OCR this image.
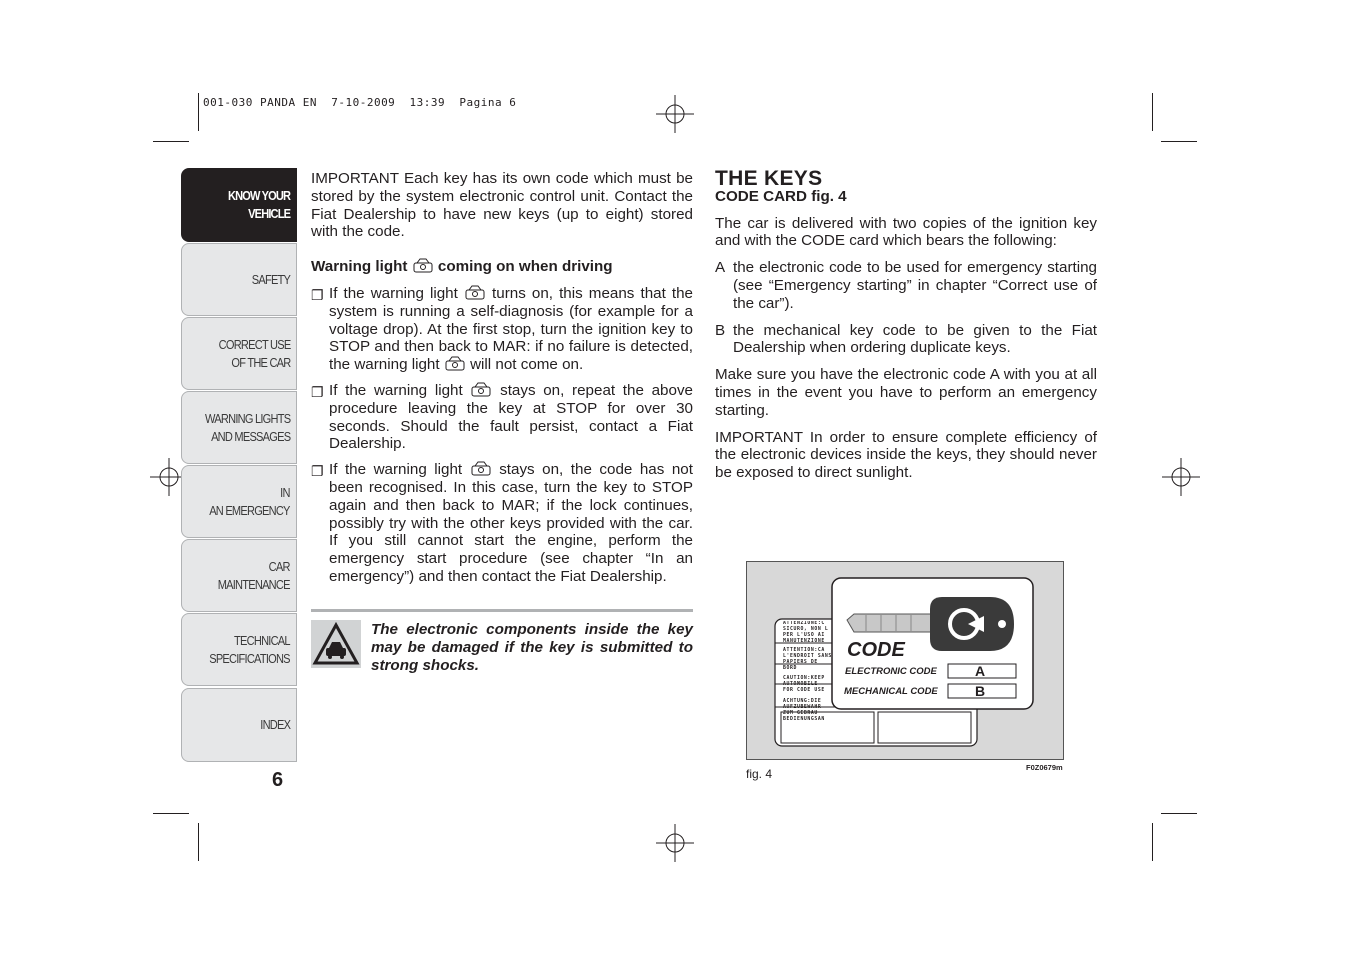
001-030 PANDA EN  7-10-2009  13:39  Pagina 6
KNOW YOUR
VEHICLE
SAFETY
CORRECT USE
OF THE CAR
WARNING LIGHTS
AND MESSAGES
IN
AN EMERGENCY
CAR
MAINTENANCE
TECHNICAL
SPECIFICATIONS
INDEX
6

IMPORTANT Each key has its own code which must be stored by the system electronic control unit. Contact the Fiat Dealership to have new keys (up to eight) stored with the code.

Warning light coming on when driving

❐ If the warning light turns on, this means that the system is running a self-diagnosis (for example for a voltage drop). At the first stop, turn the ignition key to STOP and then back to MAR: if no failure is detected, the warning light will not come on.

❐ If the warning light stays on, repeat the above procedure leaving the key at STOP for over 30 seconds. Should the fault persist, contact a Fiat Dealership.

❐ If the warning light stays on, the code has not been recognised. In this case, turn the key to STOP again and then back to MAR; if the lock continues, possibly try with the other keys provided with the car. If you still cannot start the engine, perform the emergency start procedure (see chapter “In an emergency”) and then contact the Fiat Dealership.

The electronic components inside the key may be damaged if the key is submitted to strong shocks.

THE KEYS

CODE CARD fig. 4

The car is delivered with two copies of the ignition key and with the CODE card which bears the following:

A the electronic code to be used for emergency starting (see “Emergency starting” in chapter “Correct use of the car”).

B the mechanical key code to be given to the Fiat Dealership when ordering duplicate keys.

Make sure you have the electronic code A with you at all times in the event you have to perform an emergency starting.

IMPORTANT In order to ensure complete efficiency of the electronic devices inside the keys, they should never be exposed to direct sunlight.

ATTENZIONE:C
SICURO, NON L
PER L'USO AI
MANUTENZIONE
ATTENTION:CA
L'ENDROIT SANS
PAPIERS DE BORD
CAUTION:KEEP
AUTOMOBILE
FOR CODE USE
ACHTUNG:DIE
AUFZUBEWAHR
ZUM GEBRAU
BEDIENUNGSAN
CODE
ELECTRONIC CODE	A
MECHANICAL CODE	B
fig. 4	F0Z0679m
